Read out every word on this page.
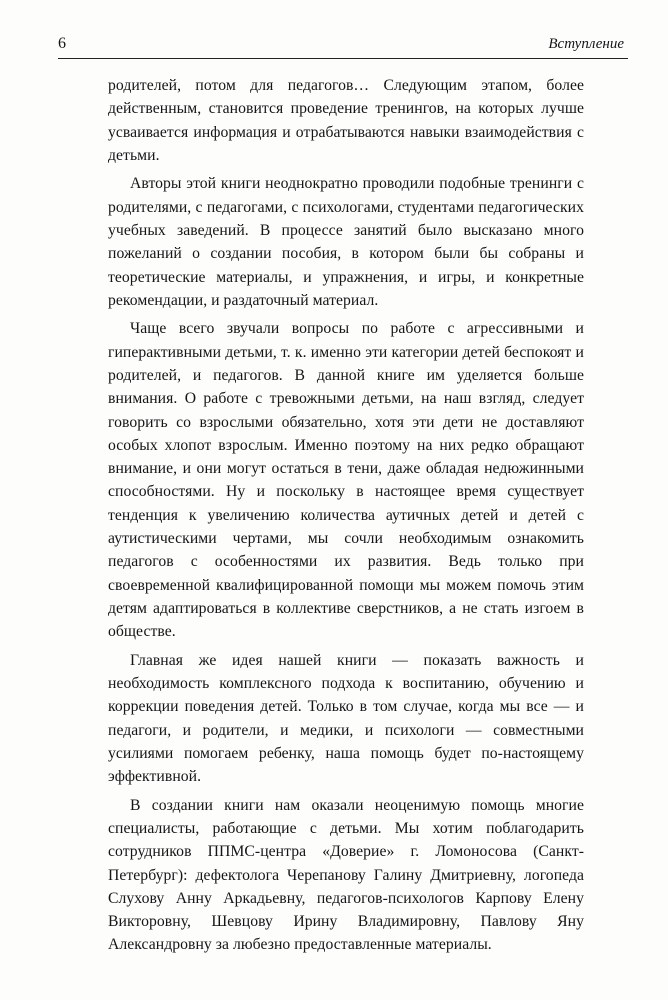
6	Вступление

родителей, потом для педагогов… Следующим этапом, более действенным, становится проведение тренингов, на которых лучше усваивается информация и отрабатываются навыки взаимодействия с детьми.

Авторы этой книги неоднократно проводили подобные тренинги с родителями, с педагогами, с психологами, студентами педагогических учебных заведений. В процессе занятий было высказано много пожеланий о создании пособия, в котором были бы собраны и теоретические материалы, и упражнения, и игры, и конкретные рекомендации, и раздаточный материал.

Чаще всего звучали вопросы по работе с агрессивными и гиперактивными детьми, т. к. именно эти категории детей беспокоят и родителей, и педагогов. В данной книге им уделяется больше внимания. О работе с тревожными детьми, на наш взгляд, следует говорить со взрослыми обязательно, хотя эти дети не доставляют особых хлопот взрослым. Именно поэтому на них редко обращают внимание, и они могут остаться в тени, даже обладая недюжинными способностями. Ну и поскольку в настоящее время существует тенденция к увеличению количества аутичных детей и детей с аутистическими чертами, мы сочли необходимым ознакомить педагогов с особенностями их развития. Ведь только при своевременной квалифицированной помощи мы можем помочь этим детям адаптироваться в коллективе сверстников, а не стать изгоем в обществе.

Главная же идея нашей книги — показать важность и необходимость комплексного подхода к воспитанию, обучению и коррекции поведения детей. Только в том случае, когда мы все — и педагоги, и родители, и медики, и психологи — совместными усилиями помогаем ребенку, наша помощь будет по-настоящему эффективной.

В создании книги нам оказали неоценимую помощь многие специалисты, работающие с детьми. Мы хотим поблагодарить сотрудников ППМС-центра «Доверие» г. Ломоносова (Санкт-Петербург): дефектолога Черепанову Галину Дмитриевну, логопеда Слухову Анну Аркадьевну, педагогов-психологов Карпову Елену Викторовну, Шевцову Ирину Владимировну, Павлову Яну Александровну за любезно предоставленные материалы.
